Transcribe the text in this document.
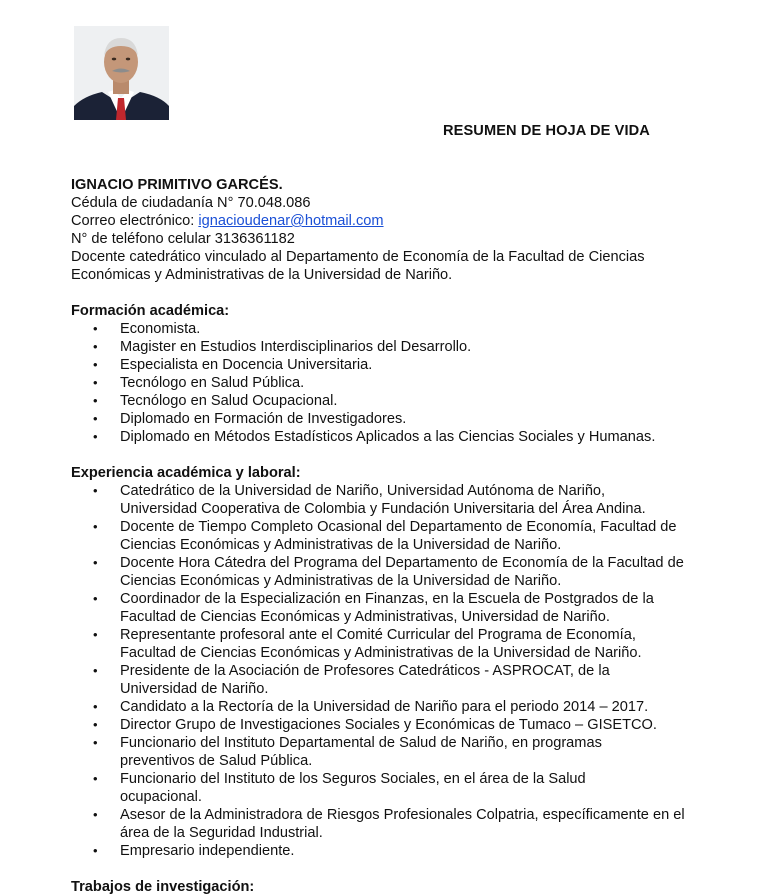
RESUMEN DE HOJA DE VIDA
IGNACIO PRIMITIVO GARCÉS.
Cédula de ciudadanía N° 70.048.086
Correo electrónico: ignacioudenar@hotmail.com
N° de teléfono celular 3136361182
Docente catedrático vinculado al Departamento de Economía de la Facultad de Ciencias Económicas y Administrativas de la Universidad de Nariño.
Formación académica:
• Economista.
• Magister en Estudios Interdisciplinarios del Desarrollo.
• Especialista en Docencia Universitaria.
• Tecnólogo en Salud Pública.
• Tecnólogo en Salud Ocupacional.
• Diplomado en Formación de Investigadores.
• Diplomado en Métodos Estadísticos Aplicados a las Ciencias Sociales y Humanas.
Experiencia académica y laboral:
• Catedrático de la Universidad de Nariño, Universidad Autónoma de Nariño, Universidad Cooperativa de Colombia y Fundación Universitaria del Área Andina.
• Docente de Tiempo Completo Ocasional del Departamento de Economía, Facultad de Ciencias Económicas y Administrativas de la Universidad de Nariño.
• Docente Hora Cátedra del Programa del Departamento de Economía de la Facultad de Ciencias Económicas y Administrativas de la Universidad de Nariño.
• Coordinador de la Especialización en Finanzas, en la Escuela de Postgrados de la Facultad de Ciencias Económicas y Administrativas, Universidad de Nariño.
• Representante profesoral ante el Comité Curricular del Programa de Economía, Facultad de Ciencias Económicas y Administrativas de la Universidad de Nariño.
• Presidente de la Asociación de Profesores Catedráticos - ASPROCAT, de la Universidad de Nariño.
• Candidato a la Rectoría de la Universidad de Nariño para el periodo 2014 – 2017.
• Director Grupo de Investigaciones Sociales y Económicas de Tumaco – GISETCO.
• Funcionario del Instituto Departamental de Salud de Nariño, en programas preventivos de Salud Pública.
• Funcionario del Instituto de los Seguros Sociales, en el área de la Salud ocupacional.
• Asesor de la Administradora de Riesgos Profesionales Colpatria, específicamente en el área de la Seguridad Industrial.
• Empresario independiente.
Trabajos de investigación:
